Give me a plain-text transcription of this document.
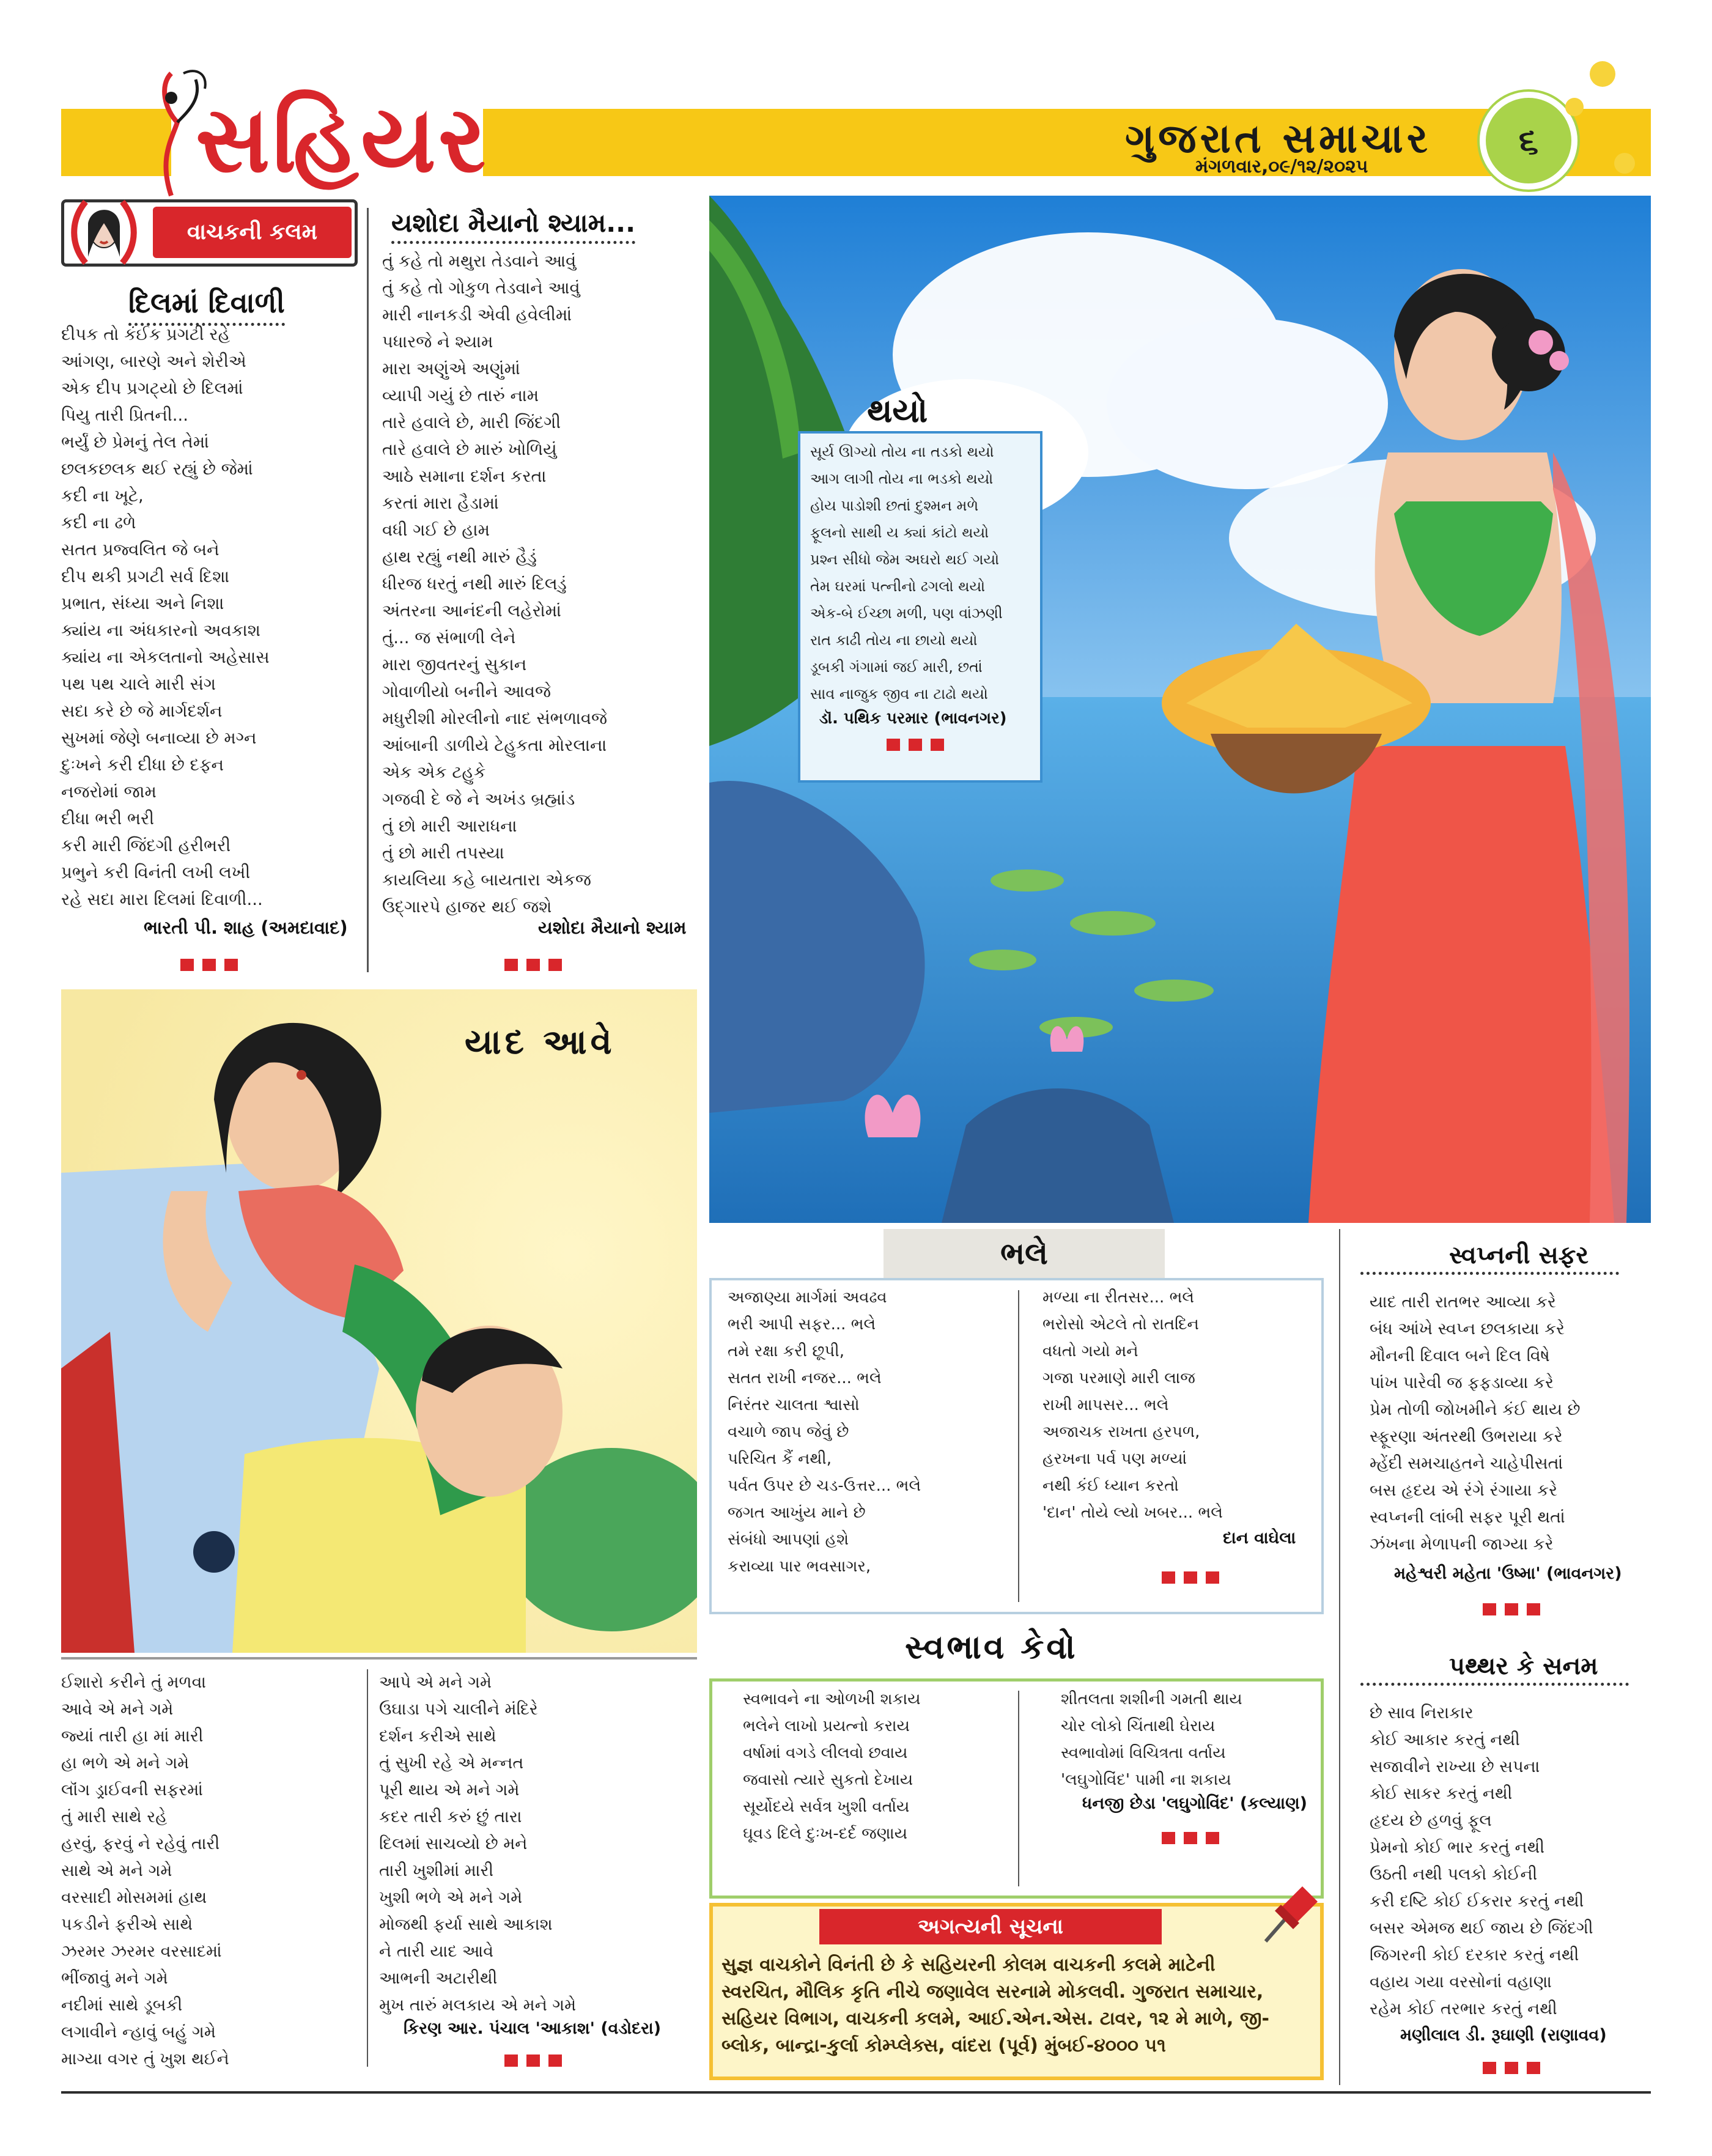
સહિયર	ગુજરાત સમાચાર
મંગળવાર,૦૯/૧૨/૨૦૨૫
૬
વાચકની કલમ
દિલમાં દિવાળી
દીપક તો કંઈક પ્રગટી રહે
આંગણ, બારણે અને શેરીએ
એક દીપ પ્રગટ્યો છે દિલમાં
પિયુ તારી પ્રિતની...
ભર્યું છે પ્રેમનું તેલ તેમાં
છલકછલક થઈ રહ્યું છે જેમાં
કદી ના ખૂટે,
કદી ના ઢળે
સતત પ્રજ્વલિત જે બને
દીપ થકી પ્રગટી સર્વ દિશા
પ્રભાત, સંધ્યા અને નિશા
ક્યાંય ના અંધકારનો અવકાશ
ક્યાંય ના એકલતાનો અહેસાસ
પથ પથ ચાલે મારી સંગ
સદા કરે છે જે માર્ગદર્શન
સુખમાં જેણે બનાવ્યા છે મગ્ન
દુઃખને કરી દીધા છે દફન
નજરોમાં જામ
દીધા ભરી ભરી
કરી મારી જિંદગી હરીભરી
પ્રભુને કરી વિનંતી લખી લખી
રહે સદા મારા દિલમાં દિવાળી...
ભારતી પી. શાહ (અમદાવાદ)
યશોદા મૈયાનો શ્યામ...
તું કહે તો મથુરા તેડવાને આવું
તું કહે તો ગોકુળ તેડવાને આવું
મારી નાનકડી એવી હવેલીમાં
પધારજે ને શ્યામ
મારા અણુંએ અણુંમાં
વ્યાપી ગયું છે તારું નામ
તારે હવાલે છે, મારી જિંદગી
તારે હવાલે છે મારું ખોળિયું
આઠે સમાના દર્શન કરતા
કરતાં મારા હૈડામાં
વધી ગઈ છે હામ
હાથ રહ્યું નથી મારું હૈડું
ધીરજ ધરતું નથી મારું દિલડું
અંતરના આનંદની લહેરોમાં
તું... જ સંભાળી લેને
મારા જીવતરનું સુકાન
ગોવાળીયો બનીને આવજે
મધુરીશી મોરલીનો નાદ સંભળાવજે
આંબાની ડાળીયે ટેહુકતા મોરલાના
એક એક ટહુકે
ગજવી દે જે ને અખંડ બ્રહ્માંડ
તું છો મારી આરાધના
તું છો મારી તપસ્યા
કાયલિયા કહે બાયતારા એકજ
ઉદ્ગારપે હાજર થઈ જશે
યશોદા મૈયાનો શ્યામ
થયો
સૂર્ય ઊગ્યો તોય ના તડકો થયો
આગ લાગી તોય ના ભડકો થયો
હોય પાડોશી છતાં દુશ્મન મળે
ફૂલનો સાથી ય ક્યાં કાંટો થયો
પ્રશ્ન સીધો જેમ અઘરો થઈ ગયો
તેમ ઘરમાં પત્નીનો ઢગલો થયો
એક-બે ઈચ્છા મળી, પણ વાંઝણી
રાત કાઢી તોય ના છાયો થયો
ડૂબકી ગંગામાં જઈ મારી, છતાં
સાવ નાજુક જીવ ના ટાઢો થયો
ડૉ. પથિક પરમાર (ભાવનગર)
યાદ આવે
ઈશારો કરીને તું મળવા
આવે એ મને ગમે
જ્યાં તારી હા માં મારી
હા ભળે એ મને ગમે
લૉંગ ડ્રાઈવની સફરમાં
તું મારી સાથે રહે
હરવું, ફરવું ને રહેવું તારી
સાથે એ મને ગમે
વરસાદી મોસમમાં હાથ
પકડીને ફરીએ સાથે
ઝરમર ઝરમર વરસાદમાં
ભીંજાવું મને ગમે
નદીમાં સાથે ડૂબકી
લગાવીને ન્હાવું બહું ગમે
માગ્યા વગર તું ખુશ થઈને
આપે એ મને ગમે
ઉઘાડા પગે ચાલીને મંદિરે
દર્શન કરીએ સાથે
તું સુખી રહે એ મન્નત
પૂરી થાય એ મને ગમે
કદર તારી કરું છું તારા
દિલમાં સાચવ્યો છે મને
તારી ખુશીમાં મારી
ખુશી ભળે એ મને ગમે
મોજથી ફર્યા સાથે આકાશ
ને તારી યાદ આવે
આભની અટારીથી
મુખ તારું મલકાય એ મને ગમે
કિરણ આર. પંચાલ 'આકાશ' (વડોદરા)
ભલે
અજાણ્યા માર્ગમાં અવઢવ
ભરી આપી સફર... ભલે
તમે રક્ષા કરી છૂપી,
સતત રાખી નજર... ભલે
નિરંતર ચાલતા શ્વાસો
વચાળે જાપ જેવું છે
પરિચિત કૈં નથી,
પર્વત ઉપર છે ચડ-ઉત્તર... ભલે
જગત આખુંય માને છે
સંબંધો આપણાં હશે
કરાવ્યા પાર ભવસાગર,
મળ્યા ના રીતસર... ભલે
ભરોસો એટલે તો રાતદિન
વધતો ગયો મને
ગજા પરમાણે મારી લાજ
રાખી માપસર... ભલે
અજાચક રાખતા હરપળ,
હરખના પર્વ પણ મળ્યાં
નથી કંઈ ધ્યાન કરતો
'દાન' તોયે લ્યો ખબર... ભલે
દાન વાઘેલા
સ્વપ્નની સફર
યાદ તારી રાતભર આવ્યા કરે
બંધ આંખે સ્વપ્ન છલકાયા કરે
મૌનની દિવાલ બને દિલ વિષે
પાંખ પારેવી જ ફફડાવ્યા કરે
પ્રેમ તોળી જોખમીને કંઈ થાય છે
સ્ફૂરણા અંતરથી ઉભરાયા કરે
મ્હેંદી સમચાહતને ચાહેપીસતાં
બસ હૃદય એ રંગે રંગાયા કરે
સ્વપ્નની લાંબી સફર પૂરી થતાં
ઝંખના મેળાપની જાગ્યા કરે
મહેશ્વરી મહેતા 'ઉષ્મા' (ભાવનગર)
સ્વભાવ કેવો
સ્વભાવને ના ઓળખી શકાય
ભલેને લાખો પ્રયત્નો કરાય
વર્ષામાં વગડે લીલવો છવાય
જવાસો ત્યારે સુકતો દેખાય
સૂર્યોદયે સર્વત્ર ખુશી વર્તાય
ઘૂવડ દિલે દુઃખ-દર્દ જણાય
શીતલતા શશીની ગમતી થાય
ચોર લોકો ચિંતાથી ઘેરાય
સ્વભાવોમાં વિચિત્રતા વર્તાય
'લઘુગોવિંદ' પામી ના શકાય
ધનજી છેડા 'લઘુગોવિંદ' (કલ્યાણ)
અગત્યની સૂચના
સુજ્ઞ વાચકોને વિનંતી છે કે સહિયરની કોલમ વાચકની કલમે માટેની
સ્વરચિત, મૌલિક કૃતિ નીચે જણાવેલ સરનામે મોકલવી. ગુજરાત સમાચાર,
સહિયર વિભાગ, વાચકની કલમે, આઈ.એન.એસ. ટાવર, ૧૨ મે માળે, જી-
બ્લોક, બાન્દ્રા-કુર્લા કોમ્પ્લેક્સ, વાંદરા (પૂર્વ) મુંબઈ-૪૦૦૦ ૫૧
પથ્થર કે સનમ
છે સાવ નિરાકાર
કોઈ આકાર કરતું નથી
સજાવીને રાખ્યા છે સપના
કોઈ સાકર કરતું નથી
હૃદય છે હળવું ફૂલ
પ્રેમનો કોઈ ભાર કરતું નથી
ઉઠતી નથી પલકો કોઈની
કરી દષ્ટિ કોઈ ઈકરાર કરતું નથી
બસર એમજ થઈ જાય છે જિંદગી
જિગરની કોઈ દરકાર કરતું નથી
વહાય ગયા વરસોનાં વહાણા
રહેમ કોઈ તરભાર કરતું નથી
મણીલાલ ડી. રૂઘાણી (રાણાવવ)
